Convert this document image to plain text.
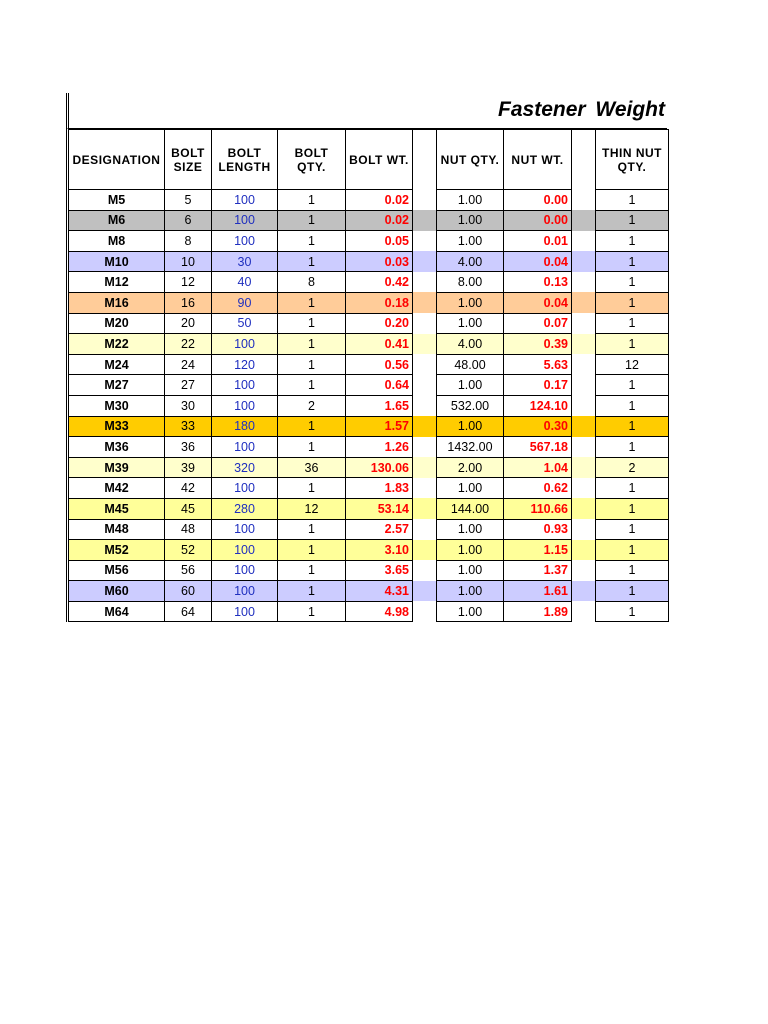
Fastener Weight
DESIGNATION	BOLT SIZE	BOLT LENGTH	BOLT QTY.	BOLT WT.		NUT QTY.	NUT WT.		THIN NUT QTY.
M5	5	100	1	0.02		1.00	0.00		1
M6	6	100	1	0.02		1.00	0.00		1
M8	8	100	1	0.05		1.00	0.01		1
M10	10	30	1	0.03		4.00	0.04		1
M12	12	40	8	0.42		8.00	0.13		1
M16	16	90	1	0.18		1.00	0.04		1
M20	20	50	1	0.20		1.00	0.07		1
M22	22	100	1	0.41		4.00	0.39		1
M24	24	120	1	0.56		48.00	5.63		12
M27	27	100	1	0.64		1.00	0.17		1
M30	30	100	2	1.65		532.00	124.10		1
M33	33	180	1	1.57		1.00	0.30		1
M36	36	100	1	1.26		1432.00	567.18		1
M39	39	320	36	130.06		2.00	1.04		2
M42	42	100	1	1.83		1.00	0.62		1
M45	45	280	12	53.14		144.00	110.66		1
M48	48	100	1	2.57		1.00	0.93		1
M52	52	100	1	3.10		1.00	1.15		1
M56	56	100	1	3.65		1.00	1.37		1
M60	60	100	1	4.31		1.00	1.61		1
M64	64	100	1	4.98		1.00	1.89		1
